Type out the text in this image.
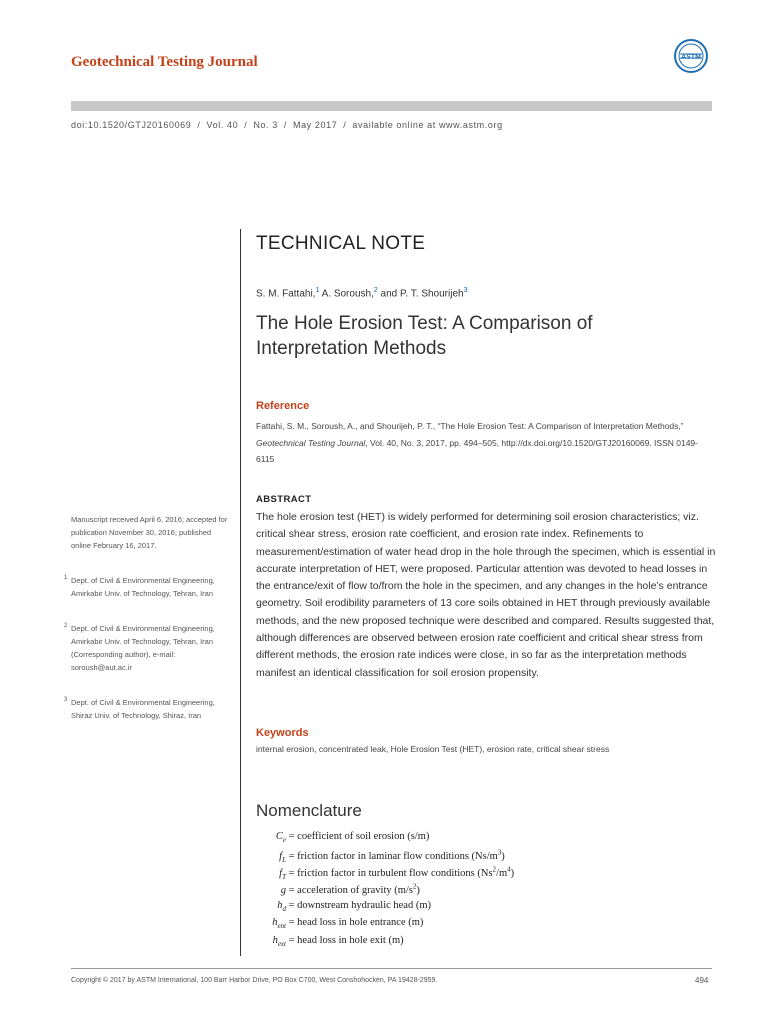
Geotechnical Testing Journal	ASTM
doi:10.1520/GTJ20160069 / Vol. 40 / No. 3 / May 2017 / available online at www.astm.org
TECHNICAL NOTE
S. M. Fattahi,$^1$ A. Soroush,$^2$ and P. T. Shourijeh$^3$
The Hole Erosion Test: A Comparison of Interpretation Methods
Reference
Fattahi, S. M., Soroush, A., and Shourijeh, P. T., “The Hole Erosion Test: A Comparison of Interpretation Methods,” Geotechnical Testing Journal, Vol. 40, No. 3, 2017, pp. 494–505, http://dx.doi.org/10.1520/GTJ20160069. ISSN 0149-6115
ABSTRACT
The hole erosion test (HET) is widely performed for determining soil erosion characteristics; viz. critical shear stress, erosion rate coefficient, and erosion rate index. Refinements to measurement/estimation of water head drop in the hole through the specimen, which is essential in accurate interpretation of HET, were proposed. Particular attention was devoted to head losses in the entrance/exit of flow to/from the hole in the specimen, and any changes in the hole’s entrance geometry. Soil erodibility parameters of 13 core soils obtained in HET through previously available methods, and the new proposed technique were described and compared. Results suggested that, although differences are observed between erosion rate coefficient and critical shear stress from different methods, the erosion rate indices were close, in so far as the interpretation methods manifest an identical classification for soil erosion propensity.
Keywords
internal erosion, concentrated leak, Hole Erosion Test (HET), erosion rate, critical shear stress
Nomenclature
$C_e$ = coefficient of soil erosion (s/m)
$f_L$ = friction factor in laminar flow conditions $(Ns/m^3)$
$f_T$ = friction factor in turbulent flow conditions $(Ns^2/m^4)$
g = acceleration of gravity $(m/s^2)$
$h_d$ = downstream hydraulic head (m)
$h_{ent}$ = head loss in hole entrance (m)
$h_{ext}$ = head loss in hole exit (m)
Manuscript received April 6, 2016; accepted for publication November 30, 2016; published online February 16, 2017.
1 Dept. of Civil & Environmental Engineering, Amirkabir Univ. of Technology, Tehran, Iran
2 Dept. of Civil & Environmental Engineering, Amirkabir Univ. of Technology, Tehran, Iran (Corresponding author), e-mail: soroush@aut.ac.ir
3 Dept. of Civil & Environmental Engineering, Shiraz Univ. of Technology, Shiraz, Iran
Copyright © 2017 by ASTM International, 100 Barr Harbor Drive, PO Box C700, West Conshohocken, PA 19428-2959.	494
